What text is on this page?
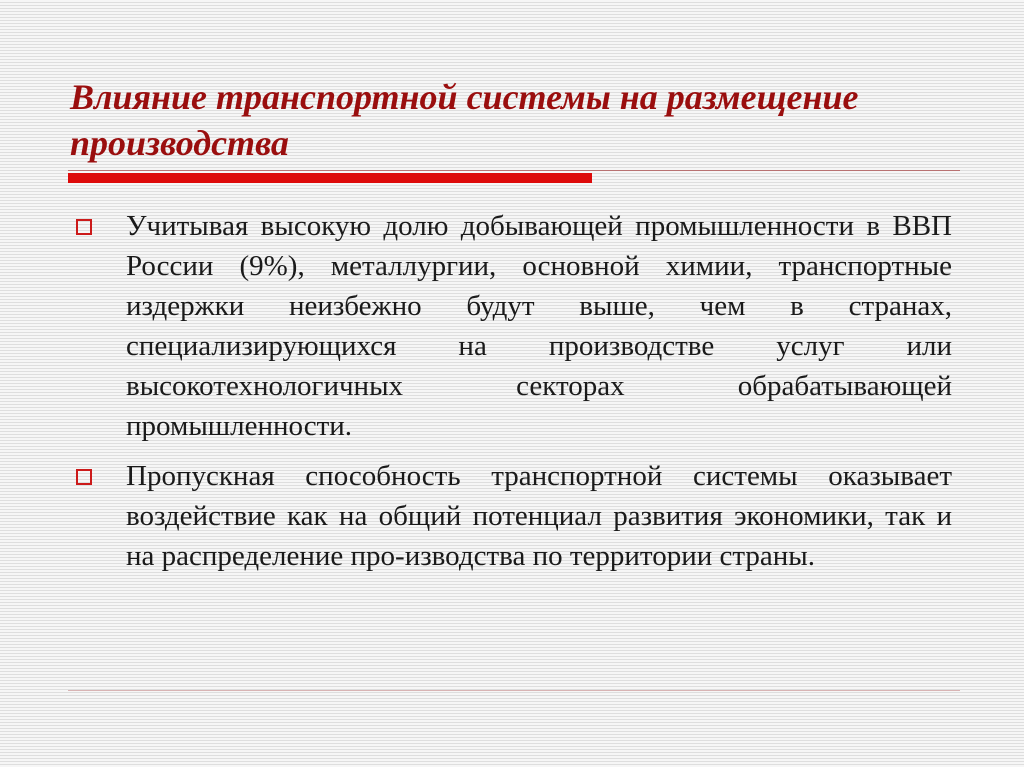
Влияние транспортной системы на размещение производства
Учитывая высокую долю добывающей промышленности в ВВП России (9%), металлургии, основной химии, транспортные издержки неизбежно будут выше, чем в странах, специализирующихся на производстве услуг или высокотехнологичных секторах обрабатывающей промышленности.
Пропускная способность транспортной системы оказывает воздействие как на общий потенциал развития экономики, так и на распределение про-изводства по территории страны.
